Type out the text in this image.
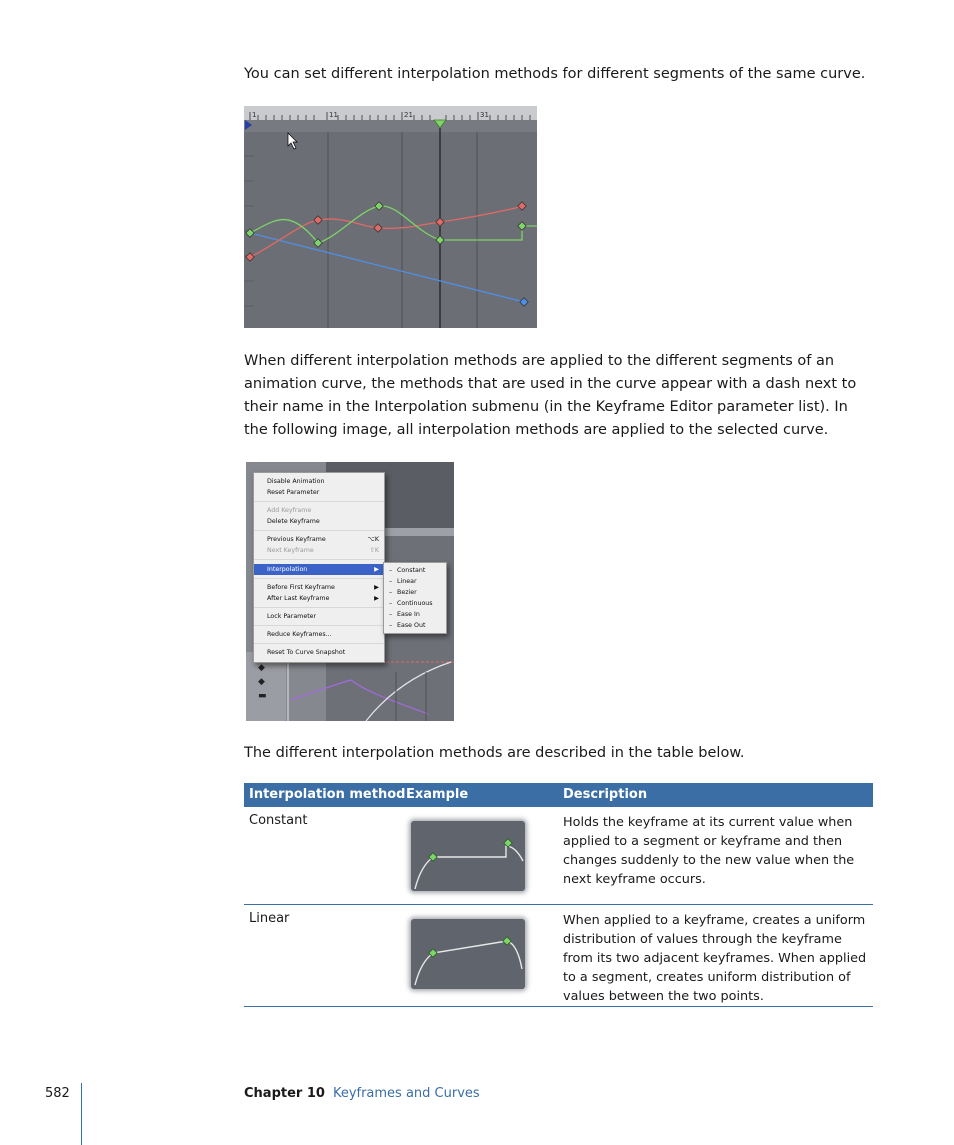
You can set different interpolation methods for different segments of the same curve.

1	11	21	31

When different interpolation methods are applied to the different segments of an animation curve, the methods that are used in the curve appear with a dash next to their name in the Interpolation submenu (in the Keyframe Editor parameter list). In the following image, all interpolation methods are applied to the selected curve.

◆
◆
▬
Disable Animation
Reset Parameter
Add Keyframe
Delete Keyframe
Previous Keyframe	⌥K
Next Keyframe	⇧K
Interpolation	▶
Before First Keyframe	▶
After Last Keyframe	▶
Lock Parameter
Reduce Keyframes...
Reset To Curve Snapshot
– Constant
– Linear
– Bezier
– Continuous
– Ease In
– Ease Out

The different interpolation methods are described in the table below.

Interpolation method Example	Description
Constant	Holds the keyframe at its current value when applied to a segment or keyframe and then changes suddenly to the new value when the next keyframe occurs.
Linear	When applied to a keyframe, creates a uniform distribution of values through the keyframe from its two adjacent keyframes. When applied to a segment, creates uniform distribution of values between the two points.
582	Chapter 10 Keyframes and Curves
